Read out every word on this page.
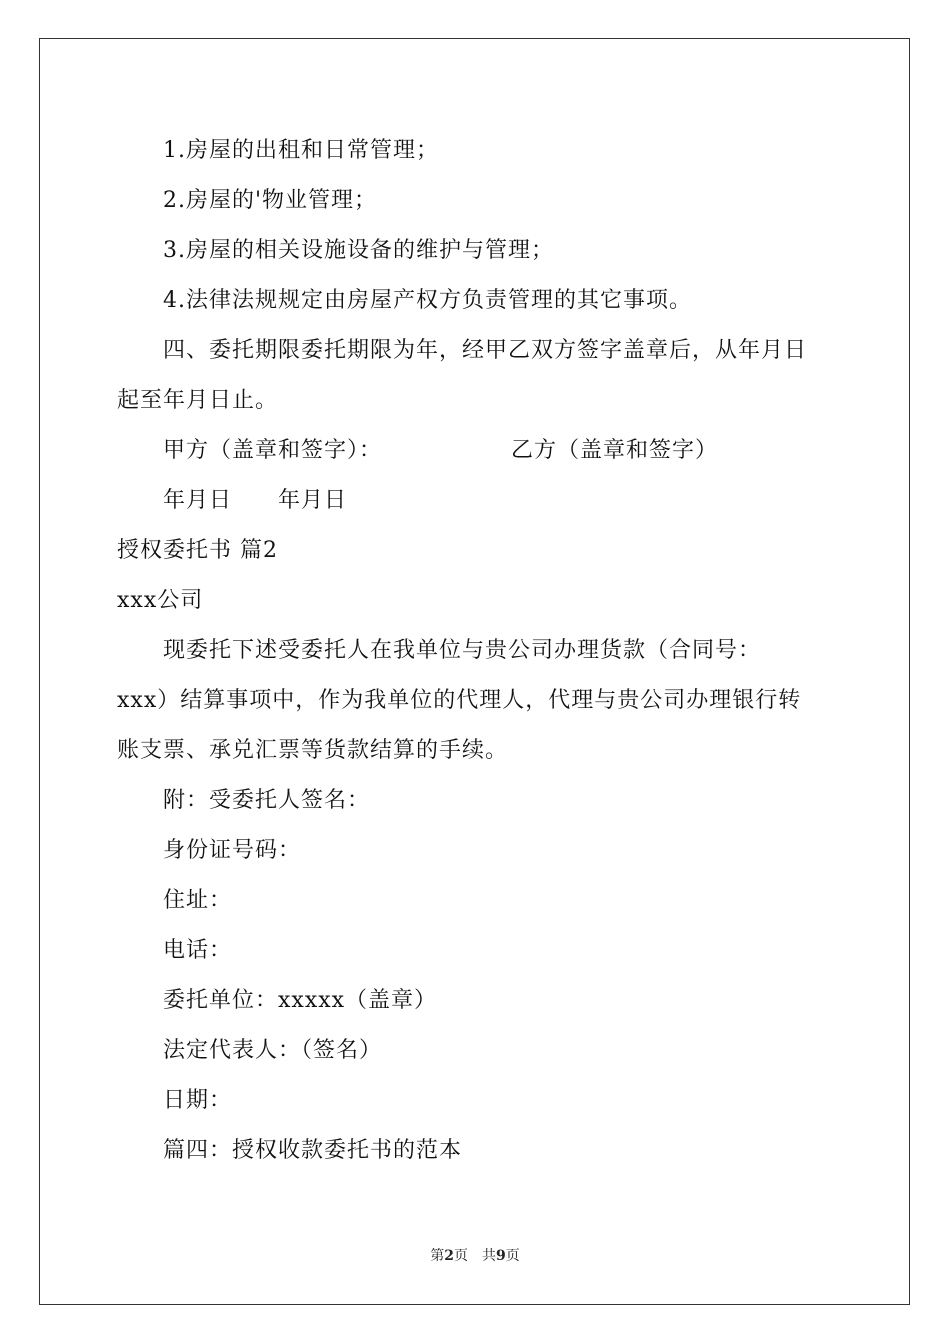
1.房屋的出租和日常管理；
2.房屋的'物业管理；
3.房屋的相关设施设备的维护与管理；
4.法律法规规定由房屋产权方负责管理的其它事项。
四、委托期限委托期限为年，经甲乙双方签字盖章后，从年月日
起至年月日止。
甲方（盖章和签字）：	乙方（盖章和签字）
年月日　　年月日
授权委托书 篇2
xxx公司
现委托下述受委托人在我单位与贵公司办理货款（合同号：
xxx）结算事项中，作为我单位的代理人，代理与贵公司办理银行转
账支票、承兑汇票等货款结算的手续。
附：受委托人签名：
身份证号码：
住址：
电话：
委托单位：xxxxx（盖章）
法定代表人：（签名）
日期：
篇四：授权收款委托书的范本
第2页　共9页
